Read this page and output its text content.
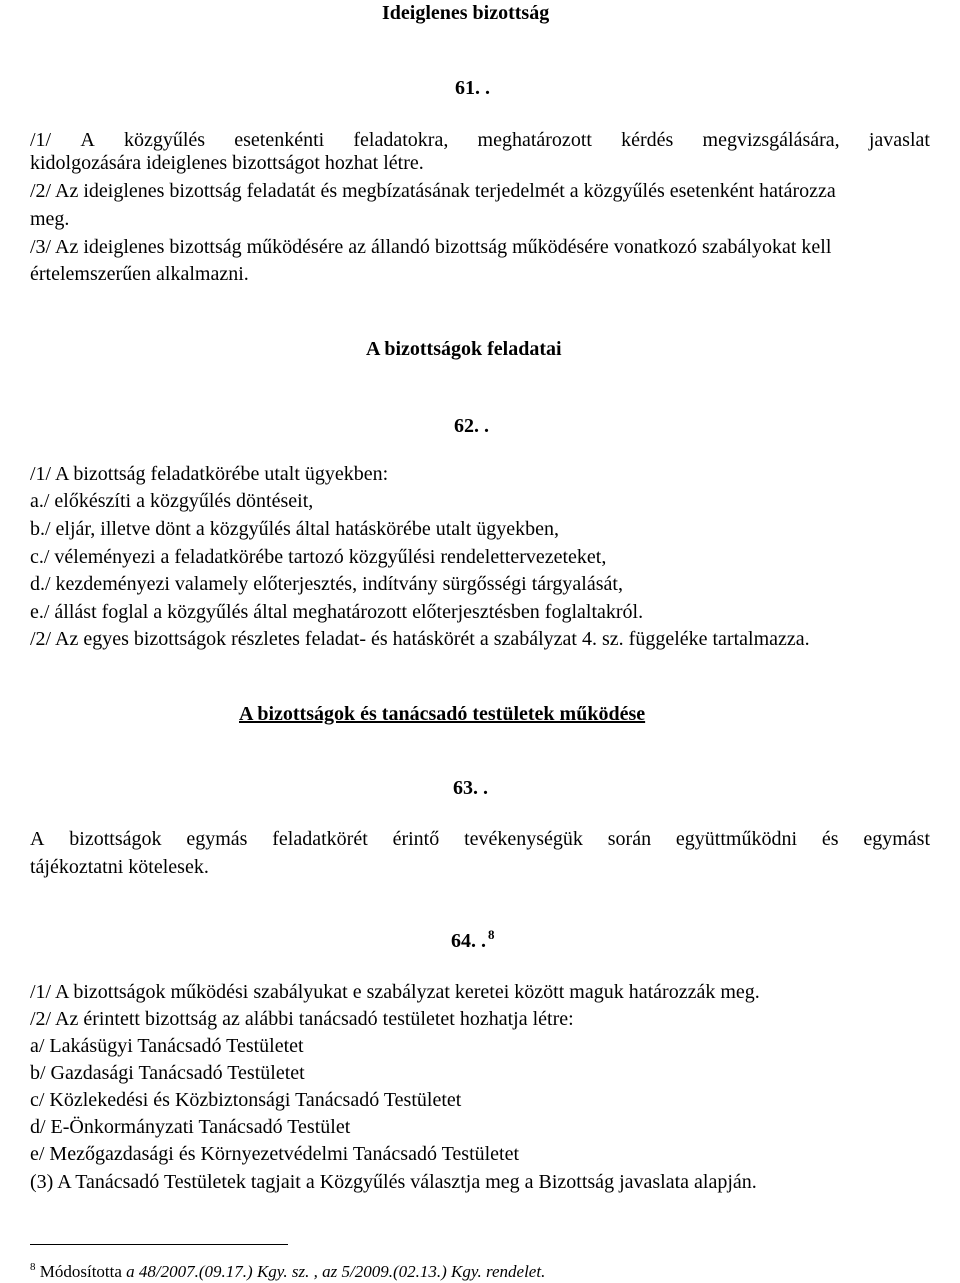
Ideiglenes bizottság
61. .
/1/ A közgyűlés esetenkénti feladatokra, meghatározott kérdés megvizsgálására, javaslat
kidolgozására ideiglenes bizottságot hozhat létre.
/2/ Az ideiglenes bizottság feladatát és megbízatásának terjedelmét a közgyűlés esetenként határozza
meg.
/3/ Az ideiglenes bizottság működésére az állandó bizottság működésére vonatkozó szabályokat kell
értelemszerűen alkalmazni.
A bizottságok feladatai
62. .
/1/ A bizottság feladatkörébe utalt ügyekben:
a./ előkészíti a közgyűlés döntéseit,
b./ eljár, illetve dönt a közgyűlés által hatáskörébe utalt ügyekben,
c./ véleményezi a feladatkörébe tartozó közgyűlési rendelettervezeteket,
d./ kezdeményezi valamely előterjesztés, indítvány sürgősségi tárgyalását,
e./ állást foglal a közgyűlés által meghatározott előterjesztésben foglaltakról.
/2/ Az egyes bizottságok részletes feladat- és hatáskörét a szabályzat 4. sz. függeléke tartalmazza.
A bizottságok és tanácsadó testületek működése
63. .
A bizottságok egymás feladatkörét érintő tevékenységük során együttműködni és egymást
tájékoztatni kötelesek.
64. . $^8$
/1/ A bizottságok működési szabályukat e szabályzat keretei között maguk határozzák meg.
/2/ Az érintett bizottság az alábbi tanácsadó testületet hozhatja létre:
a/ Lakásügyi Tanácsadó Testületet
b/ Gazdasági Tanácsadó Testületet
c/ Közlekedési és Közbiztonsági Tanácsadó Testületet
d/ E-Önkormányzati Tanácsadó Testület
e/ Mezőgazdasági és Környezetvédelmi Tanácsadó Testületet
(3) A Tanácsadó Testületek tagjait a Közgyűlés választja meg a Bizottság javaslata alapján.
$^8$ Módosította a 48/2007.(09.17.) Kgy. sz. , az 5/2009.(02.13.) Kgy. rendelet.
